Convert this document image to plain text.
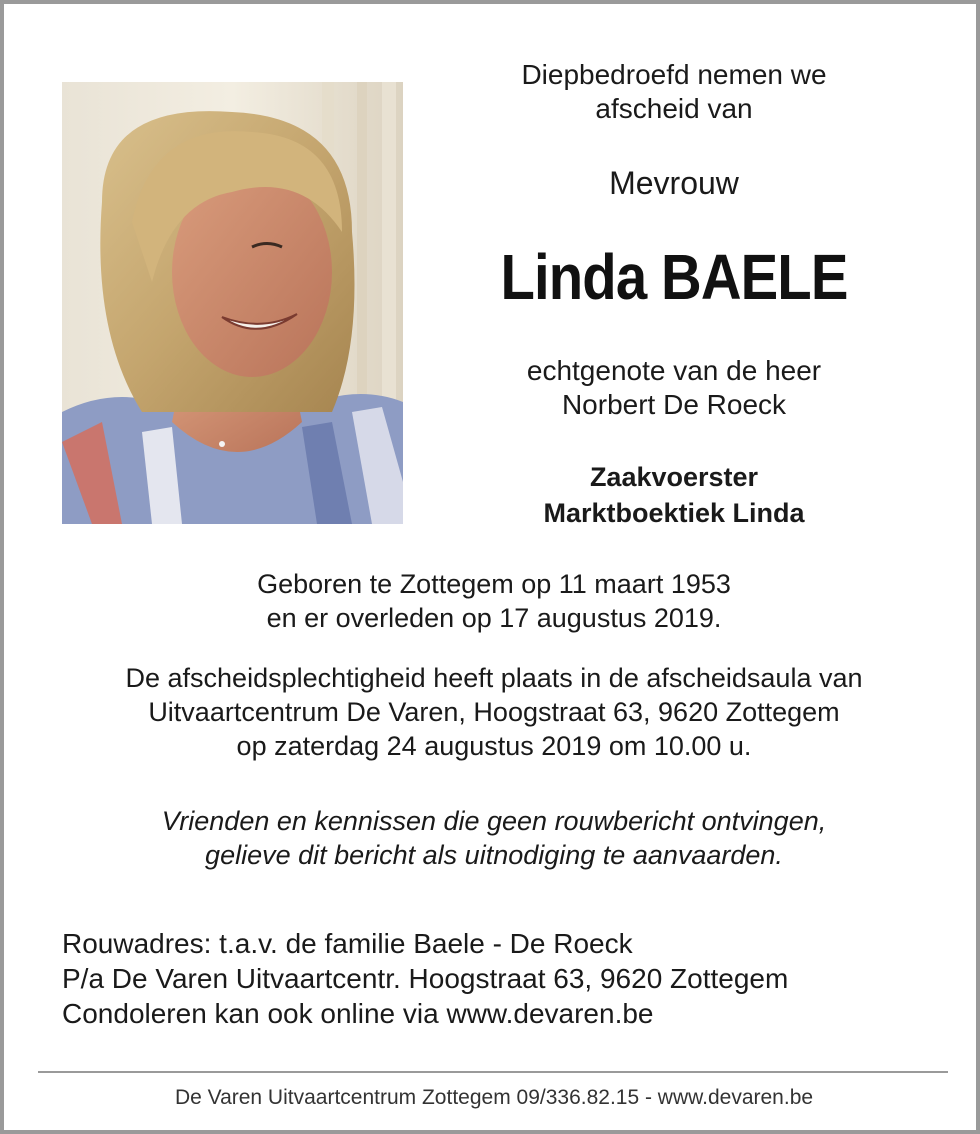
Diepbedroefd nemen we
afscheid van
Mevrouw
Linda BAELE
echtgenote van de heer
Norbert De Roeck
Zaakvoerster
Marktboektiek Linda
Geboren te Zottegem op 11 maart 1953
en er overleden op 17 augustus 2019.
De afscheidsplechtigheid heeft plaats in de afscheidsaula van
Uitvaartcentrum De Varen, Hoogstraat 63, 9620 Zottegem
op zaterdag 24 augustus 2019 om 10.00 u.
Vrienden en kennissen die geen rouwbericht ontvingen,
gelieve dit bericht als uitnodiging te aanvaarden.
Rouwadres: t.a.v. de familie Baele - De Roeck
P/a De Varen Uitvaartcentr. Hoogstraat 63, 9620 Zottegem
Condoleren kan ook online via www.devaren.be
De Varen Uitvaartcentrum Zottegem 09/336.82.15 - www.devaren.be
